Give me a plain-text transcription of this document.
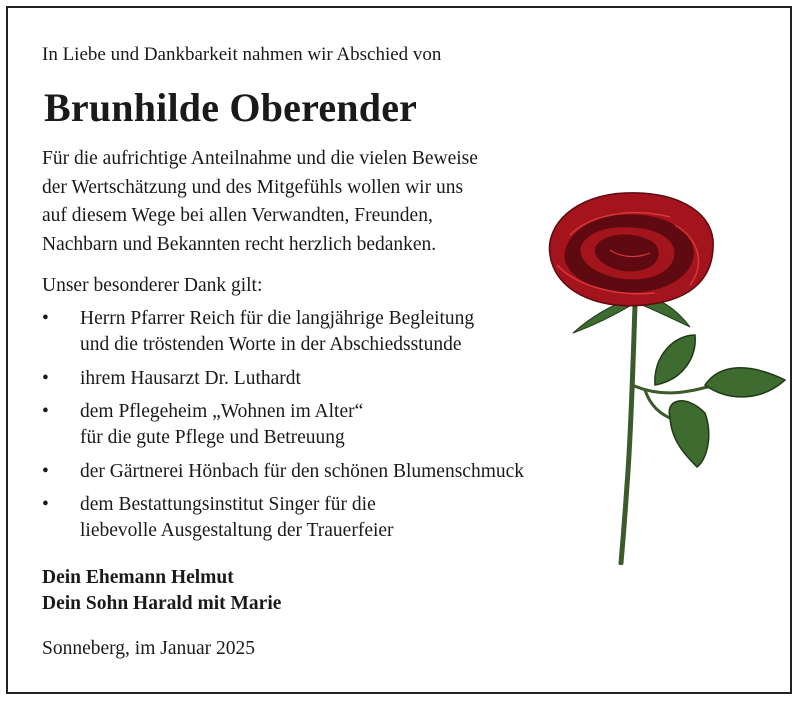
In Liebe und Dankbarkeit nahmen wir Abschied von
Brunhilde Oberender
Für die aufrichtige Anteilnahme und die vielen Beweise
der Wertschätzung und des Mitgefühls wollen wir uns
auf diesem Wege bei allen Verwandten, Freunden,
Nachbarn und Bekannten recht herzlich bedanken.
Unser besonderer Dank gilt:
• Herrn Pfarrer Reich für die langjährige Begleitung
und die tröstenden Worte in der Abschiedsstunde
• ihrem Hausarzt Dr. Luthardt
• dem Pflegeheim „Wohnen im Alter“
für die gute Pflege und Betreuung
• der Gärtnerei Hönbach für den schönen Blumenschmuck
• dem Bestattungsinstitut Singer für die
liebevolle Ausgestaltung der Trauerfeier
Dein Ehemann Helmut
Dein Sohn Harald mit Marie
Sonneberg, im Januar 2025
